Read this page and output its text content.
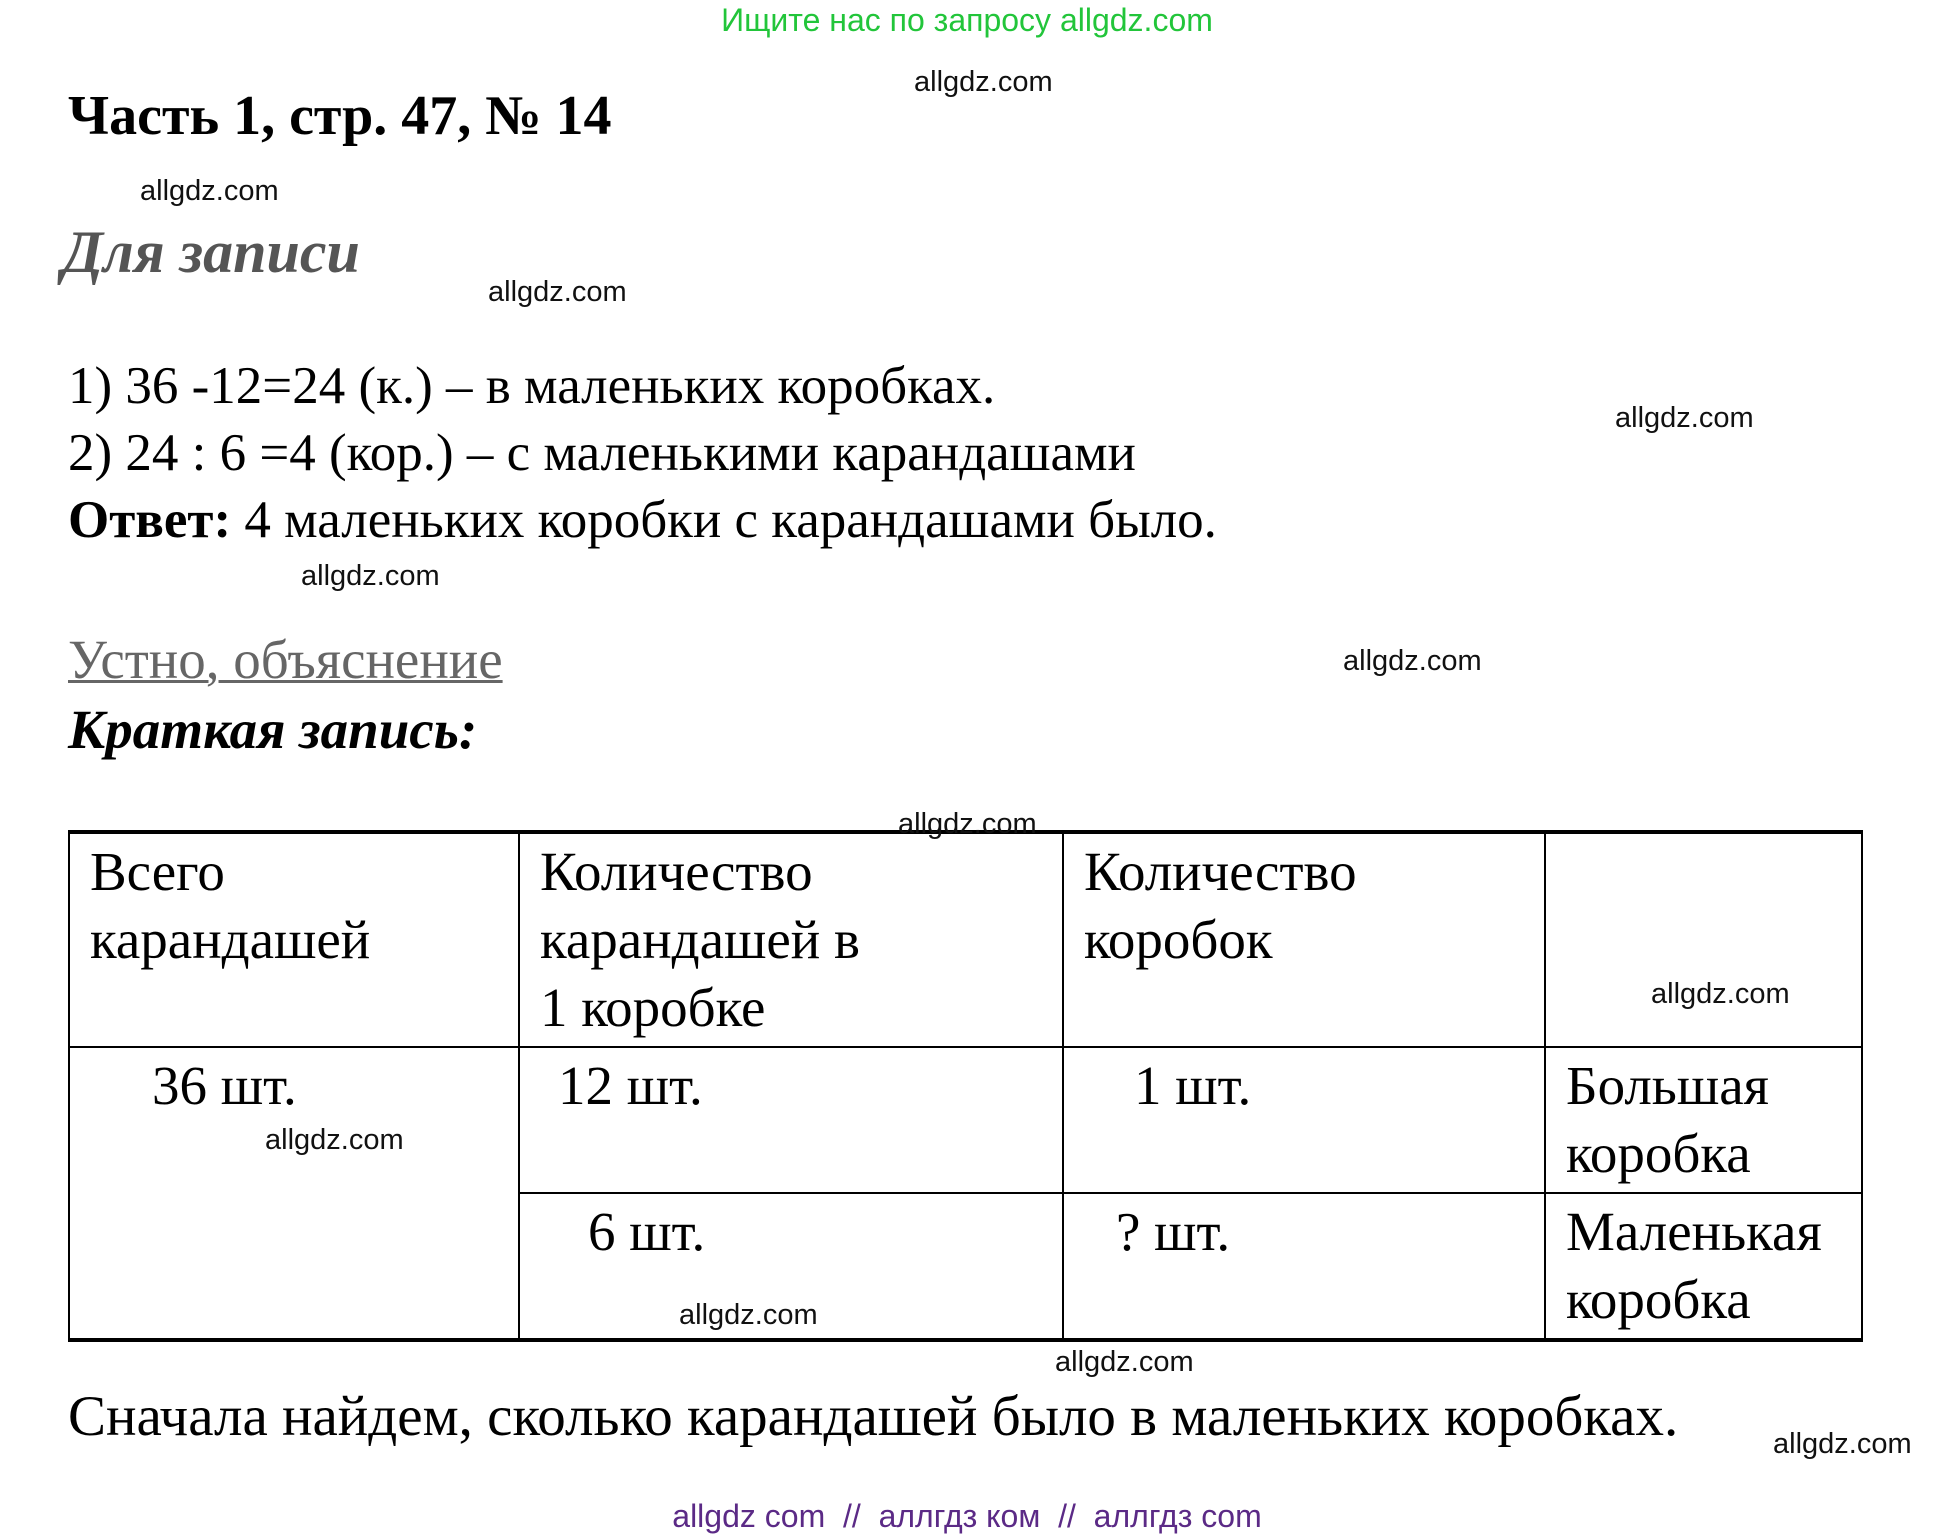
Ищите нас по запросу allgdz.com
Часть 1, стр. 47, № 14
Для записи
1) 36 -12=24 (к.) – в маленьких коробках.
2) 24 : 6 =4 (кор.) – с маленькими карандашами
Ответ: 4 маленьких коробки с карандашами было.
Устно, объяснение
Краткая запись:
Всего карандашей	Количество карандашей в 1 коробке	Количество коробок	

36 шт.	12 шт.	1 шт.	Большая коробка
	6 шт.	? шт.	Маленькая коробка
Сначала найдем, сколько карандашей было в маленьких коробках.
allgdz.com
allgdz.com
allgdz.com
allgdz.com
allgdz.com
allgdz.com
allgdz.com
allgdz.com
allgdz.com
allgdz.com
allgdz.com
allgdz.com
allgdz com  //  аллгдз ком  //  аллгдз com
